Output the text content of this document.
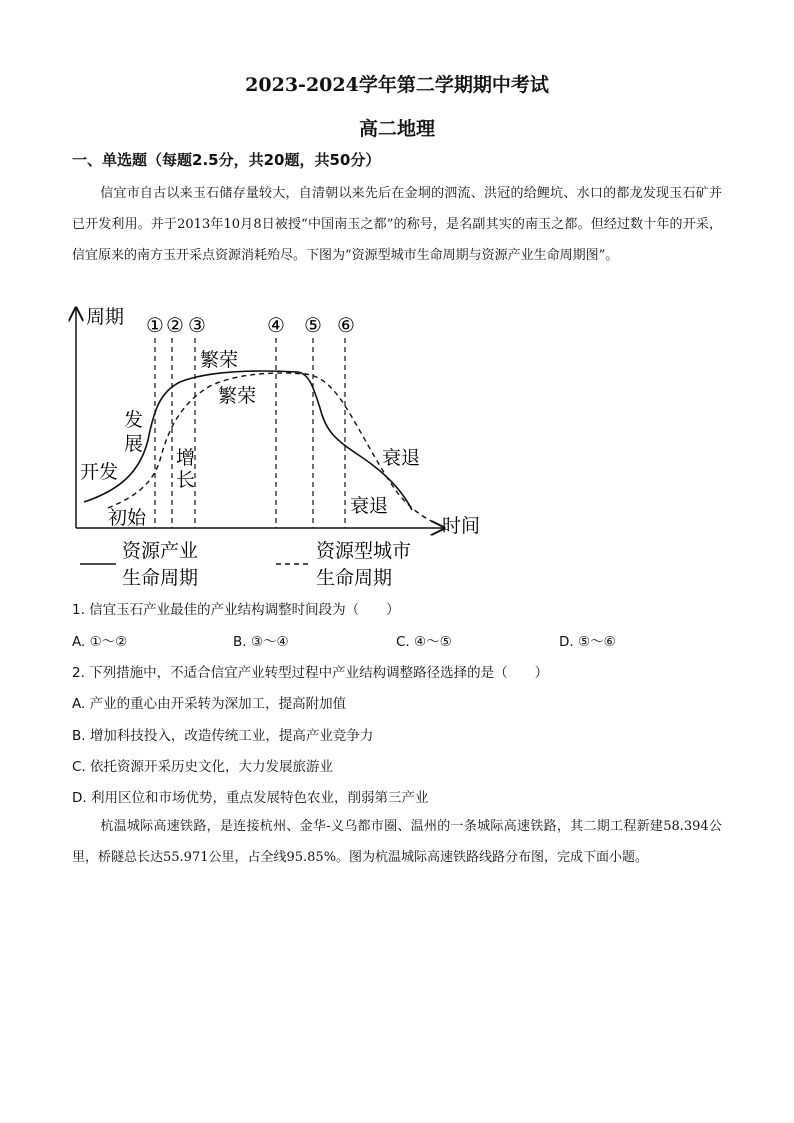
2023-2024学年第二学期期中考试
高二地理
一、单选题（每题2.5分，共20题，共50分）
信宜市自古以来玉石储存量较大，自清朝以来先后在金垌的泗流、洪冠的给鲤坑、水口的都龙发现玉石矿并已开发利用。并于2013年10月8日被授“中国南玉之都”的称号，是名副其实的南玉之都。但经过数十年的开采，信宜原来的南方玉开采点资源消耗殆尽。下图为“资源型城市生命周期与资源产业生命周期图”。
周期
时间
① ② ③	④ ⑤ ⑥
开发
发
展
繁荣
衰退
初始
增
长
繁荣
衰退
资源产业
生命周期
资源型城市
生命周期
1. 信宜玉石产业最佳的产业结构调整时间段为（　　）
A. ①～②	B. ③～④	C. ④～⑤	D. ⑤～⑥
2. 下列措施中，不适合信宜产业转型过程中产业结构调整路径选择的是（　　）
A. 产业的重心由开采转为深加工，提高附加值
B. 增加科技投入，改造传统工业，提高产业竞争力
C. 依托资源开采历史文化，大力发展旅游业
D. 利用区位和市场优势，重点发展特色农业，削弱第三产业
杭温城际高速铁路，是连接杭州、金华-义乌都市圈、温州的一条城际高速铁路，其二期工程新建58.394公里，桥隧总长达55.971公里，占全线95.85%。图为杭温城际高速铁路线路分布图，完成下面小题。
